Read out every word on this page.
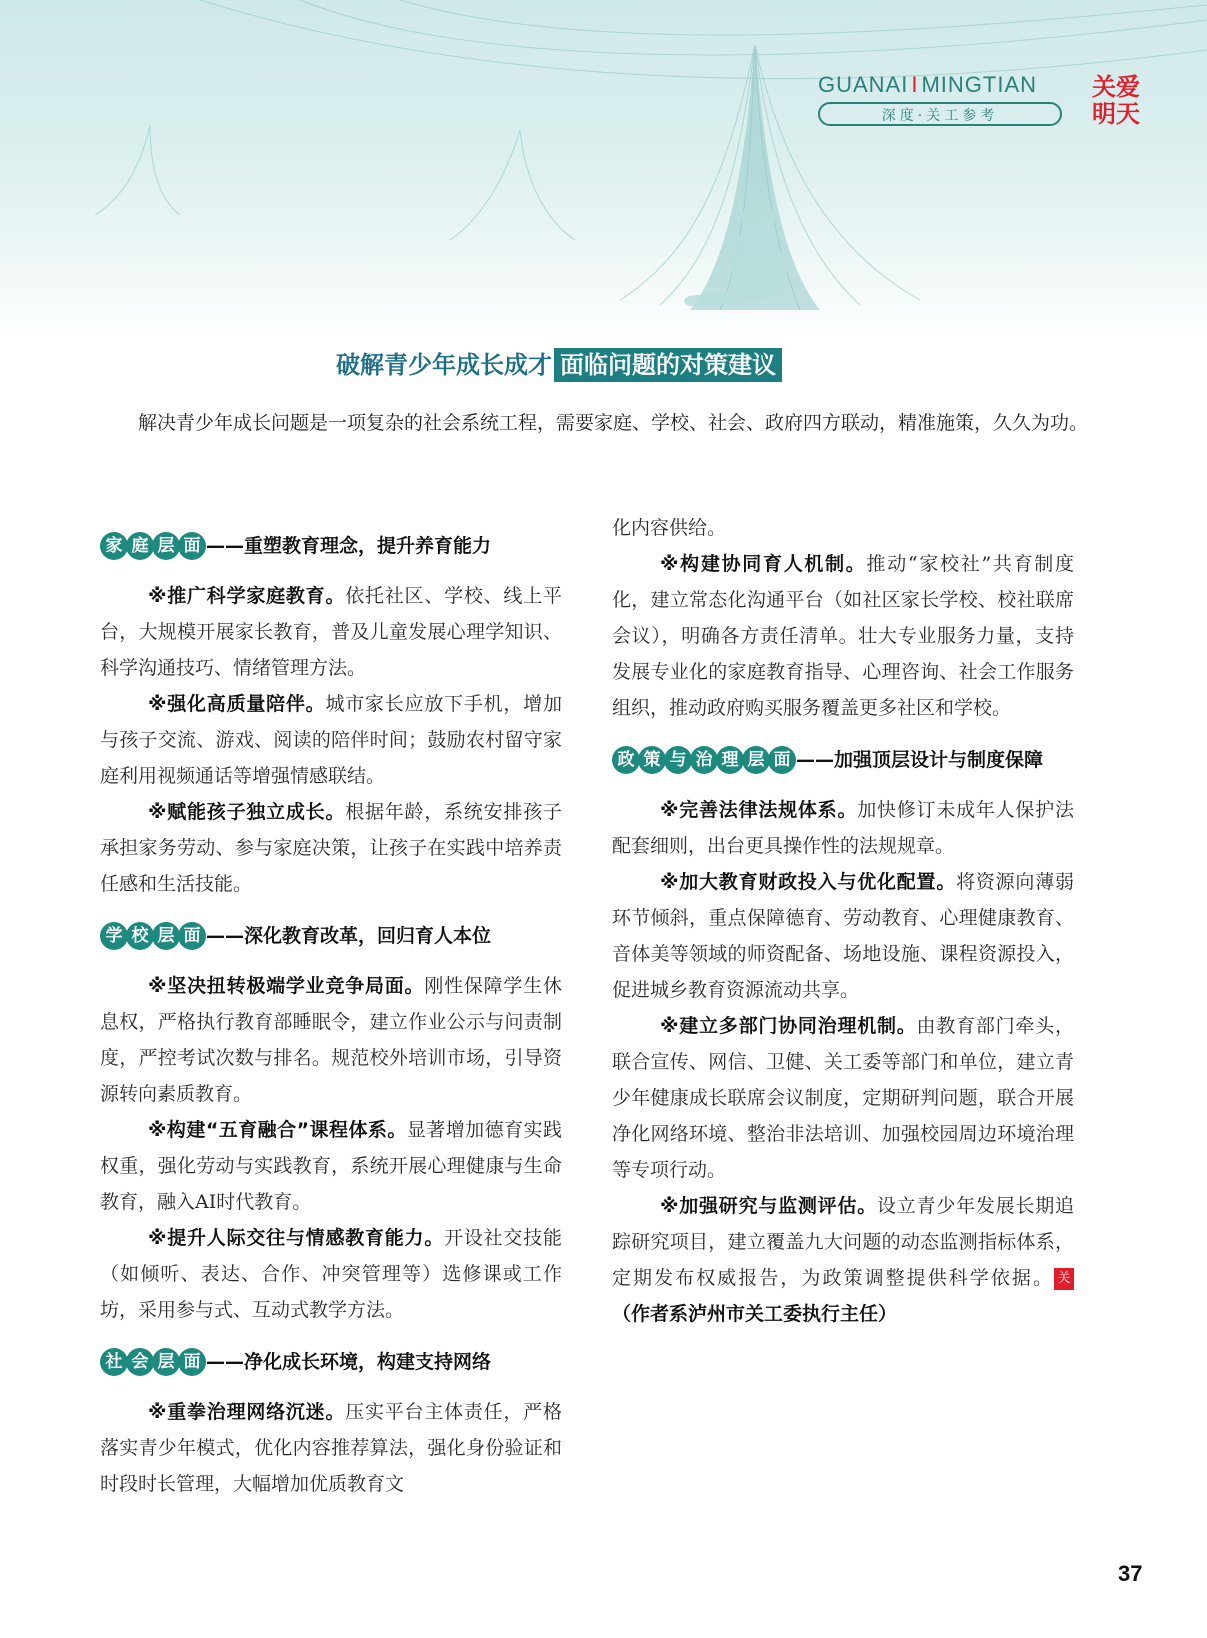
GUANAI I MINGTIAN
深度·关工参考
关爱
明天
破解青少年成长成才 面临问题的对策建议
解决青少年成长问题是一项复杂的社会系统工程，需要家庭、学校、社会、政府四方联动，精准施策，久久为功。
家 庭 层 面 ——重塑教育理念，提升养育能力

※推广科学家庭教育。依托社区、学校、线上平台，大规模开展家长教育，普及儿童发展心理学知识、科学沟通技巧、情绪管理方法。

※强化高质量陪伴。城市家长应放下手机，增加与孩子交流、游戏、阅读的陪伴时间；鼓励农村留守家庭利用视频通话等增强情感联结。

※赋能孩子独立成长。根据年龄，系统安排孩子承担家务劳动、参与家庭决策，让孩子在实践中培养责任感和生活技能。

学 校 层 面 ——深化教育改革，回归育人本位

※坚决扭转极端学业竞争局面。刚性保障学生休息权，严格执行教育部睡眠令，建立作业公示与问责制度，严控考试次数与排名。规范校外培训市场，引导资源转向素质教育。

※构建“五育融合”课程体系。显著增加德育实践权重，强化劳动与实践教育，系统开展心理健康与生命教育，融入AI时代教育。

※提升人际交往与情感教育能力。开设社交技能（如倾听、表达、合作、冲突管理等）选修课或工作坊，采用参与式、互动式教学方法。

社 会 层 面 ——净化成长环境，构建支持网络

※重拳治理网络沉迷。压实平台主体责任，严格落实青少年模式，优化内容推荐算法，强化身份验证和时段时长管理，大幅增加优质教育文

化内容供给。

※构建协同育人机制。推动“家校社”共育制度化，建立常态化沟通平台（如社区家长学校、校社联席会议），明确各方责任清单。壮大专业服务力量，支持发展专业化的家庭教育指导、心理咨询、社会工作服务组织，推动政府购买服务覆盖更多社区和学校。

政 策 与 治 理 层 面 ——加强顶层设计与制度保障

※完善法律法规体系。加快修订未成年人保护法配套细则，出台更具操作性的法规规章。

※加大教育财政投入与优化配置。将资源向薄弱环节倾斜，重点保障德育、劳动教育、心理健康教育、音体美等领域的师资配备、场地设施、课程资源投入，促进城乡教育资源流动共享。

※建立多部门协同治理机制。由教育部门牵头，联合宣传、网信、卫健、关工委等部门和单位，建立青少年健康成长联席会议制度，定期研判问题，联合开展净化网络环境、整治非法培训、加强校园周边环境治理等专项行动。

※加强研究与监测评估。设立青少年发展长期追踪研究项目，建立覆盖九大问题的动态监测指标体系，定期发布权威报告，为政策调整提供科学依据。 关　（作者系泸州市关工委执行主任）

37
